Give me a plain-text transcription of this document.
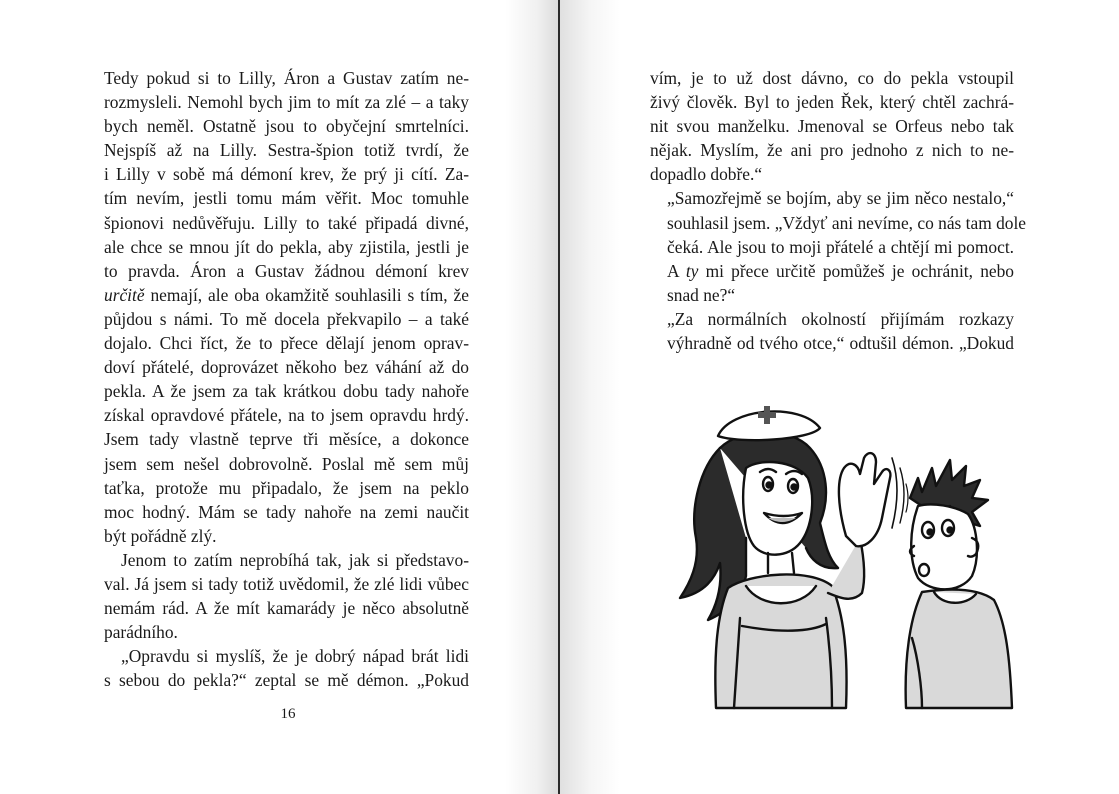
Tedy pokud si to Lilly, Áron a Gustav zatím ne-
rozmysleli. Nemohl bych jim to mít za zlé – a taky
bych neměl. Ostatně jsou to obyčejní smrtelníci.
Nejspíš až na Lilly. Sestra-špion totiž tvrdí, že
i Lilly v sobě má démoní krev, že prý ji cítí. Za-
tím nevím, jestli tomu mám věřit. Moc tomuhle
špionovi nedůvěřuju. Lilly to také připadá divné,
ale chce se mnou jít do pekla, aby zjistila, jestli je
to pravda. Áron a Gustav žádnou démoní krev
určitě nemají, ale oba okamžitě souhlasili s tím, že
půjdou s námi. To mě docela překvapilo – a také
dojalo. Chci říct, že to přece dělají jenom oprav-
doví přátelé, doprovázet někoho bez váhání až do
pekla. A že jsem za tak krátkou dobu tady nahoře
získal opravdové přátele, na to jsem opravdu hrdý.
Jsem tady vlastně teprve tři měsíce, a dokonce
jsem sem nešel dobrovolně. Poslal mě sem můj
taťka, protože mu připadalo, že jsem na peklo
moc hodný. Mám se tady nahoře na zemi naučit
být pořádně zlý.
Jenom to zatím neprobíhá tak, jak si představo-
val. Já jsem si tady totiž uvědomil, že zlé lidi vůbec
nemám rád. A že mít kamarády je něco absolutně
parádního.
„Opravdu si myslíš, že je dobrý nápad brát lidi
s sebou do pekla?“ zeptal se mě démon. „Pokud
16
vím, je to už dost dávno, co do pekla vstoupil
živý člověk. Byl to jeden Řek, který chtěl zachrá-
nit svou manželku. Jmenoval se Orfeus nebo tak
nějak. Myslím, že ani pro jednoho z nich to ne-
dopadlo dobře.“
„Samozřejmě se bojím, aby se jim něco nestalo,“
souhlasil jsem. „Vždyť ani nevíme, co nás tam dole
čeká. Ale jsou to moji přátelé a chtějí mi pomoct.
A ty mi přece určitě pomůžeš je ochránit, nebo
snad ne?“
„Za normálních okolností přijímám rozkazy
výhradně od tvého otce,“ odtušil démon. „Dokud
